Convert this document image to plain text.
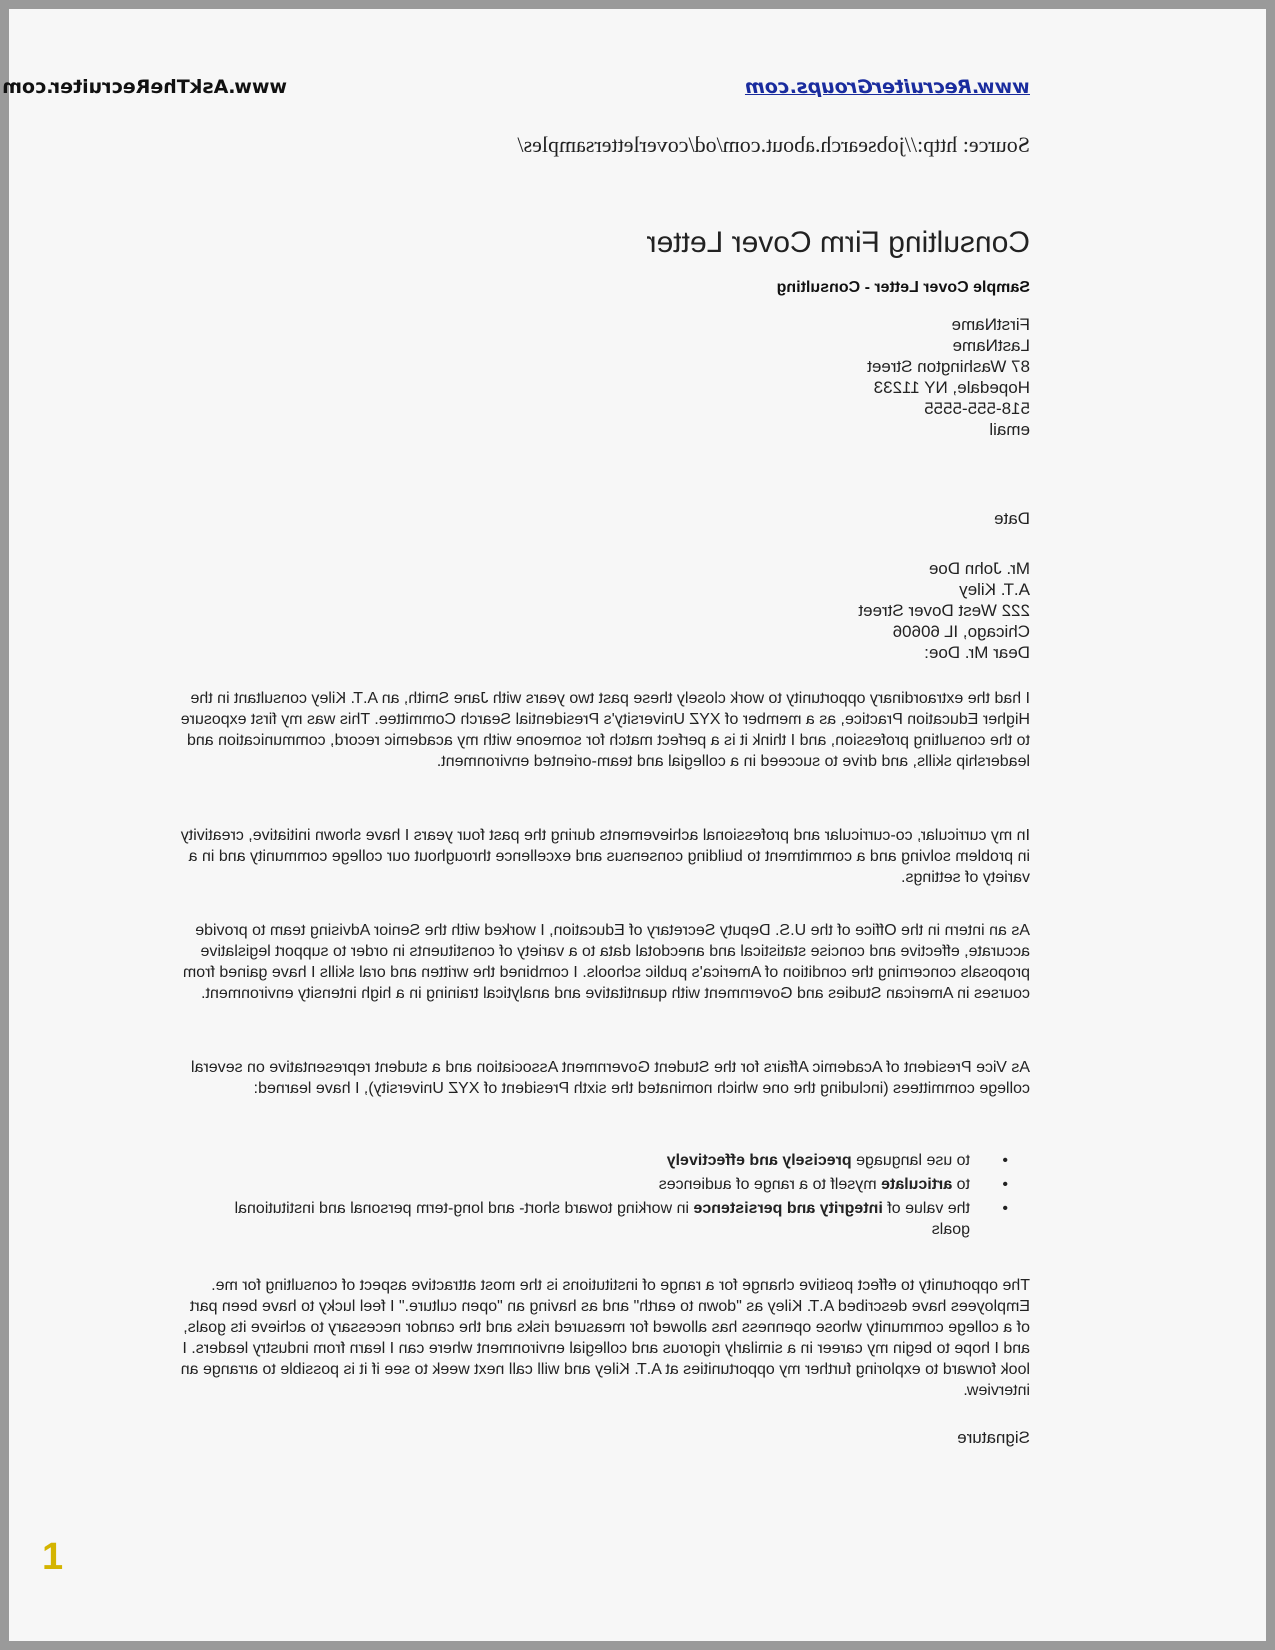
www.RecruiterGroups.com
www.AskTheRecruiter.com
Source: http://jobsearch.about.com/od/coverlettersamples/
Consulting Firm Cover Letter
Sample Cover Letter - Consulting
FirstName
LastName
87 Washington Street
Hopedale, NY 11233
518-555-5555
email
Date
Mr. John Doe
A.T. Kiley
222 West Dover Street
Chicago, IL 60606
Dear Mr. Doe:

I had the extraordinary opportunity to work closely these past two years with Jane Smith, an A.T. Kiley consultant in the Higher Education Practice, as a member of XYZ University's Presidential Search Committee. This was my first exposure to the consulting profession, and I think it is a perfect match for someone with my academic record, communication and leadership skills, and drive to succeed in a collegial and team-oriented environment.

In my curricular, co-curricular and professional achievements during the past four years I have shown initiative, creativity in problem solving and a commitment to building consensus and excellence throughout our college community and in a variety of settings.

As an intern in the Office of the U.S. Deputy Secretary of Education, I worked with the Senior Advising team to provide accurate, effective and concise statistical and anecdotal data to a variety of constituents in order to support legislative proposals concerning the condition of America's public schools. I combined the written and oral skills I have gained from courses in American Studies and Government with quantitative and analytical training in a high intensity environment.

As Vice President of Academic Affairs for the Student Government Association and a student representative on several college committees (including the one which nominated the sixth President of XYZ University), I have learned:

•
to use language precisely and effectively
•
to articulate myself to a range of audiences
•
the value of integrity and persistence in working toward short- and long-term personal and institutional goals

The opportunity to effect positive change for a range of institutions is the most attractive aspect of consulting for me. Employees have described A.T. Kiley as "down to earth" and as having an "open culture." I feel lucky to have been part of a college community whose openness has allowed for measured risks and the candor necessary to achieve its goals, and I hope to begin my career in a similarly rigorous and collegial environment where can I learn from industry leaders. I look forward to exploring further my opportunities at A.T. Kiley and will call next week to see if it is possible to arrange an interview.

Signature
1
